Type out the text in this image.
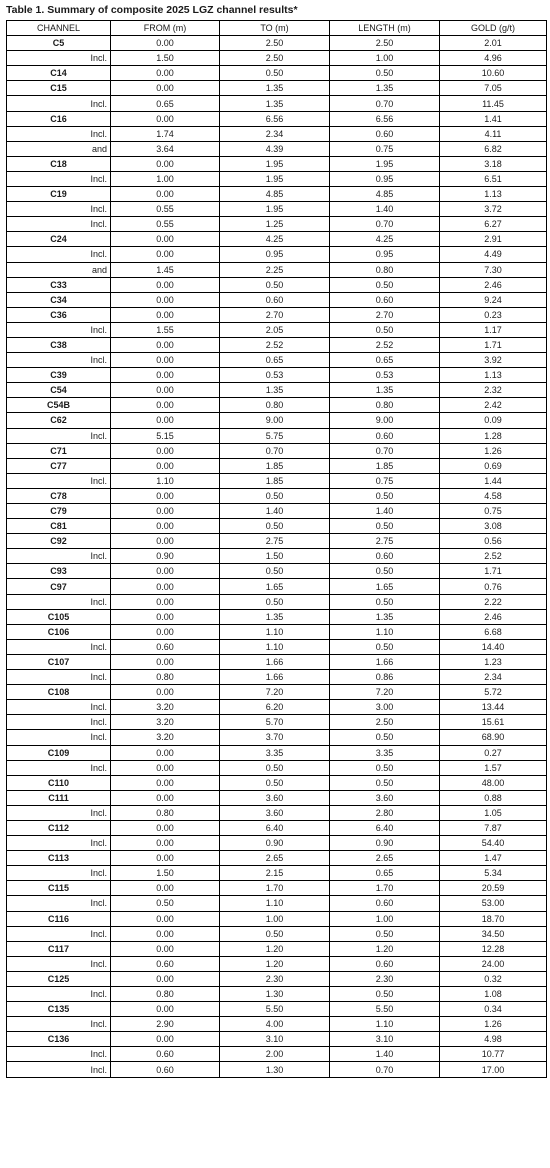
Table 1. Summary of composite 2025 LGZ channel results*
CHANNEL	FROM (m)	TO (m)	LENGTH (m)	GOLD (g/t)
C5	0.00	2.50	2.50	2.01
Incl.	1.50	2.50	1.00	4.96
C14	0.00	0.50	0.50	10.60
C15	0.00	1.35	1.35	7.05
Incl.	0.65	1.35	0.70	11.45
C16	0.00	6.56	6.56	1.41
Incl.	1.74	2.34	0.60	4.11
and	3.64	4.39	0.75	6.82
C18	0.00	1.95	1.95	3.18
Incl.	1.00	1.95	0.95	6.51
C19	0.00	4.85	4.85	1.13
Incl.	0.55	1.95	1.40	3.72
Incl.	0.55	1.25	0.70	6.27
C24	0.00	4.25	4.25	2.91
Incl.	0.00	0.95	0.95	4.49
and	1.45	2.25	0.80	7.30
C33	0.00	0.50	0.50	2.46
C34	0.00	0.60	0.60	9.24
C36	0.00	2.70	2.70	0.23
Incl.	1.55	2.05	0.50	1.17
C38	0.00	2.52	2.52	1.71
Incl.	0.00	0.65	0.65	3.92
C39	0.00	0.53	0.53	1.13
C54	0.00	1.35	1.35	2.32
C54B	0.00	0.80	0.80	2.42
C62	0.00	9.00	9.00	0.09
Incl.	5.15	5.75	0.60	1.28
C71	0.00	0.70	0.70	1.26
C77	0.00	1.85	1.85	0.69
Incl.	1.10	1.85	0.75	1.44
C78	0.00	0.50	0.50	4.58
C79	0.00	1.40	1.40	0.75
C81	0.00	0.50	0.50	3.08
C92	0.00	2.75	2.75	0.56
Incl.	0.90	1.50	0.60	2.52
C93	0.00	0.50	0.50	1.71
C97	0.00	1.65	1.65	0.76
Incl.	0.00	0.50	0.50	2.22
C105	0.00	1.35	1.35	2.46
C106	0.00	1.10	1.10	6.68
Incl.	0.60	1.10	0.50	14.40
C107	0.00	1.66	1.66	1.23
Incl.	0.80	1.66	0.86	2.34
C108	0.00	7.20	7.20	5.72
Incl.	3.20	6.20	3.00	13.44
Incl.	3.20	5.70	2.50	15.61
Incl.	3.20	3.70	0.50	68.90
C109	0.00	3.35	3.35	0.27
Incl.	0.00	0.50	0.50	1.57
C110	0.00	0.50	0.50	48.00
C111	0.00	3.60	3.60	0.88
Incl.	0.80	3.60	2.80	1.05
C112	0.00	6.40	6.40	7.87
Incl.	0.00	0.90	0.90	54.40
C113	0.00	2.65	2.65	1.47
Incl.	1.50	2.15	0.65	5.34
C115	0.00	1.70	1.70	20.59
Incl.	0.50	1.10	0.60	53.00
C116	0.00	1.00	1.00	18.70
Incl.	0.00	0.50	0.50	34.50
C117	0.00	1.20	1.20	12.28
Incl.	0.60	1.20	0.60	24.00
C125	0.00	2.30	2.30	0.32
Incl.	0.80	1.30	0.50	1.08
C135	0.00	5.50	5.50	0.34
Incl.	2.90	4.00	1.10	1.26
C136	0.00	3.10	3.10	4.98
Incl.	0.60	2.00	1.40	10.77
Incl.	0.60	1.30	0.70	17.00
